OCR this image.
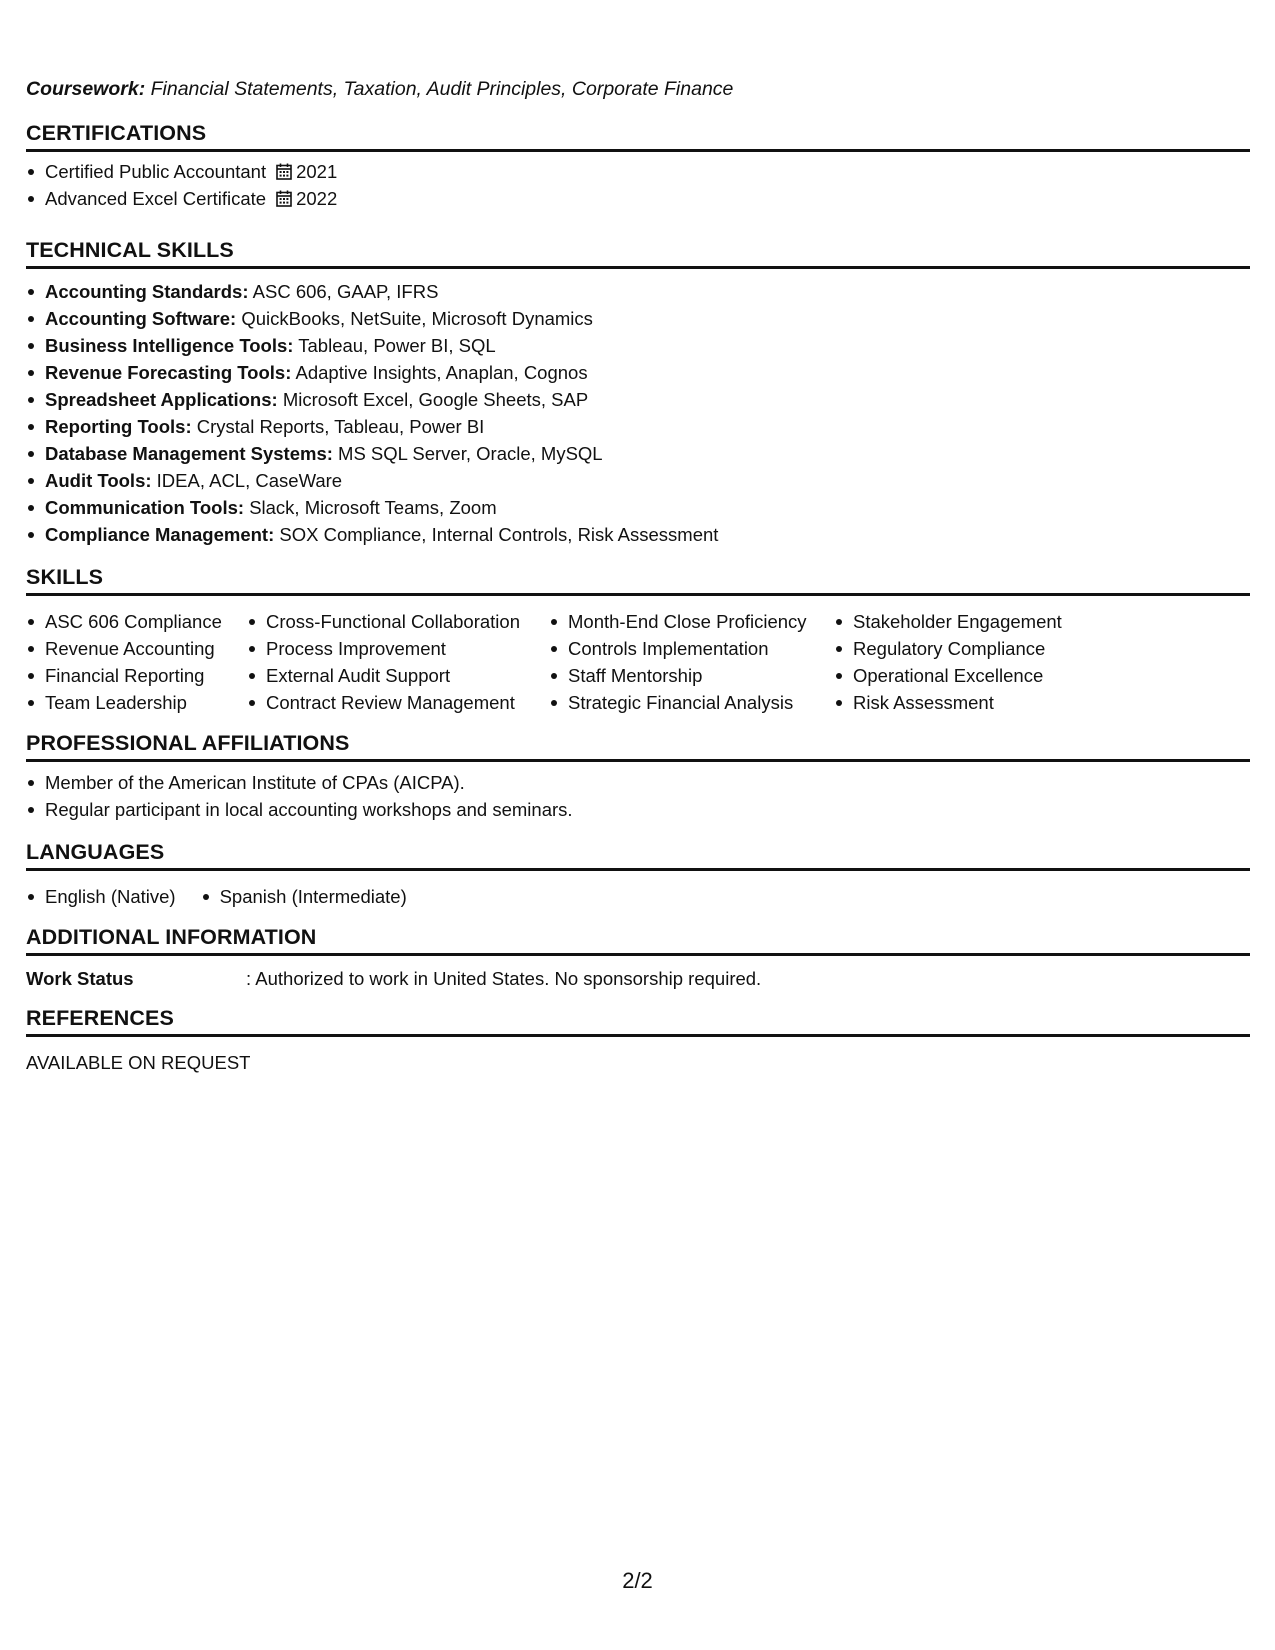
Coursework: Financial Statements, Taxation, Audit Principles, Corporate Finance
CERTIFICATIONS
Certified Public Accountant 2021
Advanced Excel Certificate 2022
TECHNICAL SKILLS
Accounting Standards: ASC 606, GAAP, IFRS
Accounting Software: QuickBooks, NetSuite, Microsoft Dynamics
Business Intelligence Tools: Tableau, Power BI, SQL
Revenue Forecasting Tools: Adaptive Insights, Anaplan, Cognos
Spreadsheet Applications: Microsoft Excel, Google Sheets, SAP
Reporting Tools: Crystal Reports, Tableau, Power BI
Database Management Systems: MS SQL Server, Oracle, MySQL
Audit Tools: IDEA, ACL, CaseWare
Communication Tools: Slack, Microsoft Teams, Zoom
Compliance Management: SOX Compliance, Internal Controls, Risk Assessment
SKILLS
ASC 606 Compliance
Revenue Accounting
Financial Reporting
Team Leadership
Cross-Functional Collaboration
Process Improvement
External Audit Support
Contract Review Management
Month-End Close Proficiency
Controls Implementation
Staff Mentorship
Strategic Financial Analysis
Stakeholder Engagement
Regulatory Compliance
Operational Excellence
Risk Assessment
PROFESSIONAL AFFILIATIONS
Member of the American Institute of CPAs (AICPA).
Regular participant in local accounting workshops and seminars.
LANGUAGES
English (Native)	Spanish (Intermediate)
ADDITIONAL INFORMATION
Work Status	: Authorized to work in United States. No sponsorship required.
REFERENCES
AVAILABLE ON REQUEST
2/2
